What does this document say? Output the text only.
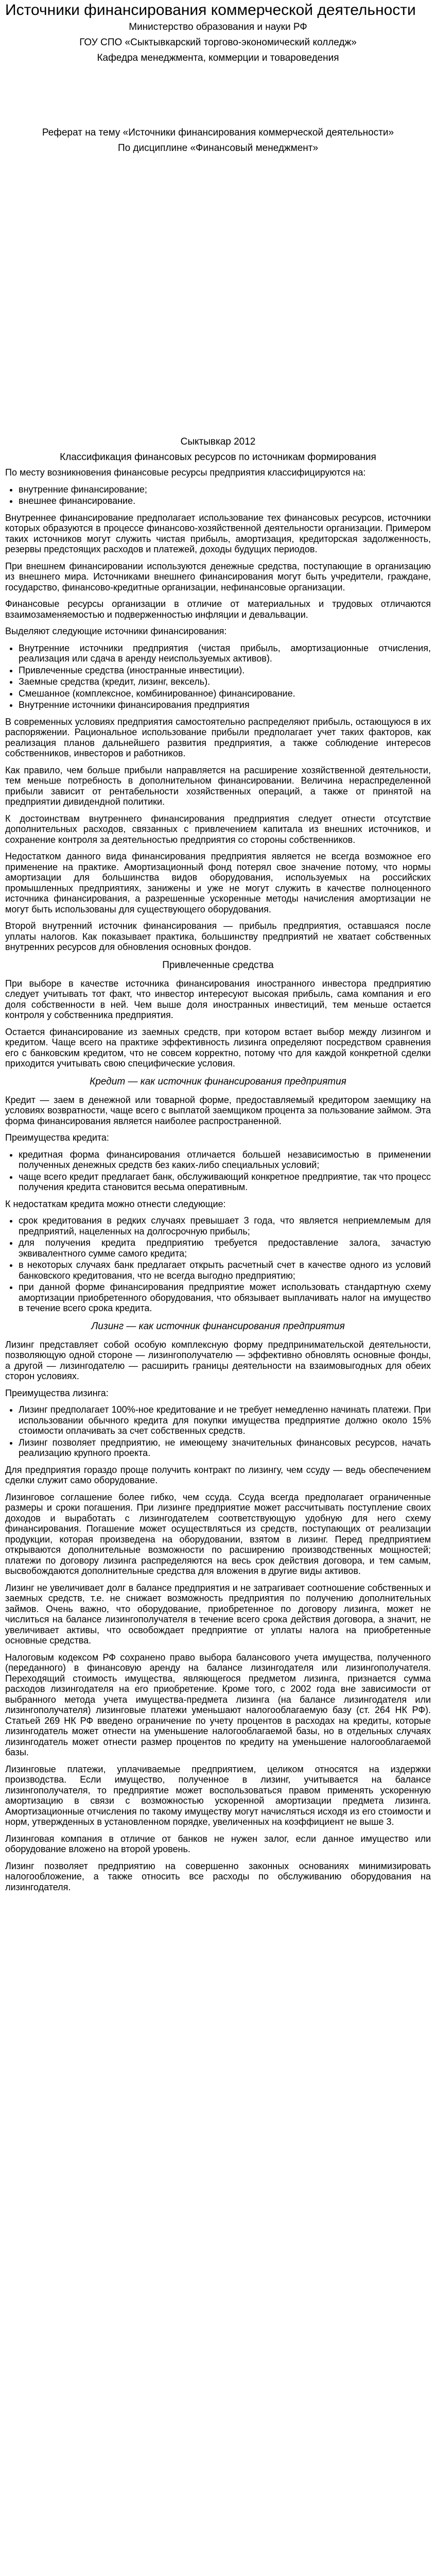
Источники финансирования коммерческой деятельности
Министерство образования и науки РФ
ГОУ СПО «Сыктывкарский торгово-экономический колледж»
Кафедра менеджмента, коммерции и товароведения
Реферат на тему «Источники финансирования коммерческой деятельности»
По дисциплине «Финансовый менеджмент»
Сыктывкар 2012
Классификация финансовых ресурсов по источникам формирования

По месту возникновения финансовые ресурсы предприятия классифицируются на:

• внутренние финансирование;
• внешнее финансирование.

Внутреннее финансирование предполагает использование тех финансовых ресурсов, источники которых образуются в процессе финансово-хозяйственной деятельности организации. Примером таких источников могут служить чистая прибыль, амортизация, кредиторская задолженность, резервы предстоящих расходов и платежей, доходы будущих периодов.

При внешнем финансировании используются денежные средства, поступающие в организацию из внешнего мира. Источниками внешнего финансирования могут быть учредители, граждане, государство, финансово-кредитные организации, нефинансовые организации.

Финансовые ресурсы организации в отличие от материальных и трудовых отличаются взаимозаменяемостью и подверженностью инфляции и девальвации.

Выделяют следующие источники финансирования:

• Внутренние источники предприятия (чистая прибыль, амортизационные отчисления, реализация или сдача в аренду неиспользуемых активов).
• Привлеченные средства (иностранные инвестиции).
• Заемные средства (кредит, лизинг, вексель).
• Смешанное (комплексное, комбинированное) финансирование.
• Внутренние источники финансирования предприятия

В современных условиях предприятия самостоятельно распределяют прибыль, остающуюся в их распоряжении. Рациональное использование прибыли предполагает учет таких факторов, как реализация планов дальнейшего развития предприятия, а также соблюдение интересов собственников, инвесторов и работников.

Как правило, чем больше прибыли направляется на расширение хозяйственной деятельности, тем меньше потребность в дополнительном финансировании. Величина нераспределенной прибыли зависит от рентабельности хозяйственных операций, а также от принятой на предприятии дивидендной политики.

К достоинствам внутреннего финансирования предприятия следует отнести отсутствие дополнительных расходов, связанных с привлечением капитала из внешних источников, и сохранение контроля за деятельностью предприятия со стороны собственников.

Недостатком данного вида финансирования предприятия является не всегда возможное его применение на практике. Амортизационный фонд потерял свое значение потому, что нормы амортизации для большинства видов оборудования, используемых на российских промышленных предприятиях, занижены и уже не могут служить в качестве полноценного источника финансирования, а разрешенные ускоренные методы начисления амортизации не могут быть использованы для существующего оборудования.

Второй внутренний источник финансирования — прибыль предприятия, оставшаяся после уплаты налогов. Как показывает практика, большинству предприятий не хватает собственных внутренних ресурсов для обновления основных фондов.

Привлеченные средства

При выборе в качестве источника финансирования иностранного инвестора предприятию следует учитывать тот факт, что инвестор интересуют высокая прибыль, сама компания и его доля собственности в ней. Чем выше доля иностранных инвестиций, тем меньше остается контроля у собственника предприятия.

Остается финансирование из заемных средств, при котором встает выбор между лизингом и кредитом. Чаще всего на практике эффективность лизинга определяют посредством сравнения его с банковским кредитом, что не совсем корректно, потому что для каждой конкретной сделки приходится учитывать свою специфические условия.

Кредит — как источник финансирования предприятия

Кредит — заем в денежной или товарной форме, предоставляемый кредитором заемщику на условиях возвратности, чаще всего с выплатой заемщиком процента за пользование займом. Эта форма финансирования является наиболее распространенной.

Преимущества кредита:

• кредитная форма финансирования отличается большей независимостью в применении полученных денежных средств без каких-либо специальных условий;
• чаще всего кредит предлагает банк, обслуживающий конкретное предприятие, так что процесс получения кредита становится весьма оперативным.

К недостаткам кредита можно отнести следующие:

• срок кредитования в редких случаях превышает 3 года, что является неприемлемым для предприятий, нацеленных на долгосрочную прибыль;
• для получения кредита предприятию требуется предоставление залога, зачастую эквивалентного сумме самого кредита;
• в некоторых случаях банк предлагает открыть расчетный счет в качестве одного из условий банковского кредитования, что не всегда выгодно предприятию;
• при данной форме финансирования предприятие может использовать стандартную схему амортизации приобретенного оборудования, что обязывает выплачивать налог на имущество в течение всего срока кредита.
Лизинг — как источник финансирования предприятия

Лизинг представляет собой особую комплексную форму предпринимательской деятельности, позволяющую одной стороне — лизингополучателю — эффективно обновлять основные фонды, а другой — лизингодателю — расширить границы деятельности на взаимовыгодных для обеих сторон условиях.

Преимущества лизинга:

• Лизинг предполагает 100%-ное кредитование и не требует немедленно начинать платежи. При использовании обычного кредита для покупки имущества предприятие должно около 15% стоимости оплачивать за счет собственных средств.
• Лизинг позволяет предприятию, не имеющему значительных финансовых ресурсов, начать реализацию крупного проекта.

Для предприятия гораздо проще получить контракт по лизингу, чем ссуду — ведь обеспечением сделки служит само оборудование.

Лизинговое соглашение более гибко, чем ссуда. Ссуда всегда предполагает ограниченные размеры и сроки погашения. При лизинге предприятие может рассчитывать поступление своих доходов и выработать с лизингодателем соответствующую удобную для него схему финансирования. Погашение может осуществляться из средств, поступающих от реализации продукции, которая произведена на оборудовании, взятом в лизинг. Перед предприятием открываются дополнительные возможности по расширению производственных мощностей; платежи по договору лизинга распределяются на весь срок действия договора, и тем самым, высвобождаются дополнительные средства для вложения в другие виды активов.

Лизинг не увеличивает долг в балансе предприятия и не затрагивает соотношение собственных и заемных средств, т.е. не снижает возможность предприятия по получению дополнительных займов. Очень важно, что оборудование, приобретенное по договору лизинга, может не числиться на балансе лизингополучателя в течение всего срока действия договора, а значит, не увеличивает активы, что освобождает предприятие от уплаты налога на приобретенные основные средства.

Налоговым кодексом РФ сохранено право выбора балансового учета имущества, полученного (переданного) в финансовую аренду на балансе лизингодателя или лизингополучателя. Переходящий стоимость имущества, являющегося предметом лизинга, признается сумма расходов лизингодателя на его приобретение. Кроме того, с 2002 года вне зависимости от выбранного метода учета имущества-предмета лизинга (на балансе лизингодателя или лизингополучателя) лизинговые платежи уменьшают налогооблагаемую базу (ст. 264 НК РФ). Статьей 269 НК РФ введено ограничение по учету процентов в расходах на кредиты, которые лизингодатель может отнести на уменьшение налогооблагаемой базы, но в отдельных случаях лизингодатель может отнести размер процентов по кредиту на уменьшение налогооблагаемой базы.

Лизинговые платежи, уплачиваемые предприятием, целиком относятся на издержки производства. Если имущество, полученное в лизинг, учитывается на балансе лизингополучателя, то предприятие может воспользоваться правом применять ускоренную амортизацию в связи с возможностью ускоренной амортизации предмета лизинга. Амортизационные отчисления по такому имуществу могут начисляться исходя из его стоимости и норм, утвержденных в установленном порядке, увеличенных на коэффициент не выше 3.

Лизинговая компания в отличие от банков не нужен залог, если данное имущество или оборудование вложено на второй уровень.

Лизинг позволяет предприятию на совершенно законных основаниях минимизировать налогообложение, а также относить все расходы по обслуживанию оборудования на лизингодателя.
